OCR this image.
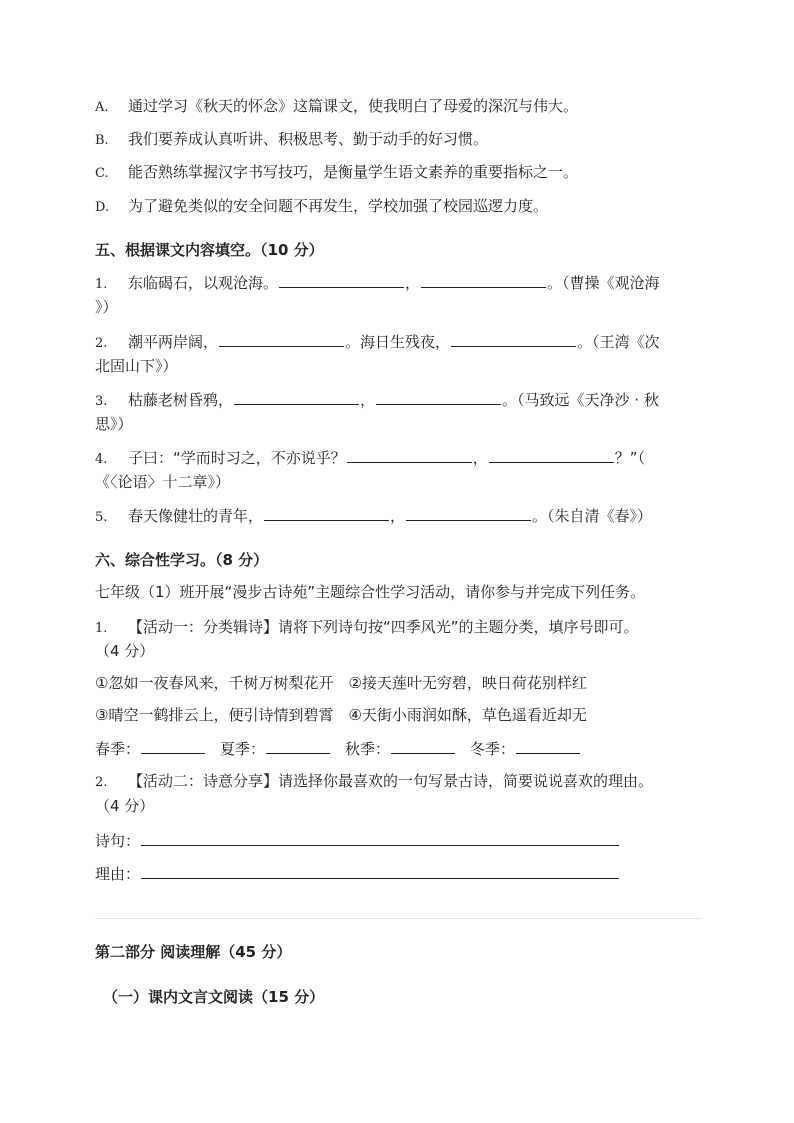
A. 通过学习《秋天的怀念》这篇课文，使我明白了母爱的深沉与伟大。
B. 我们要养成认真听讲、积极思考、勤于动手的好习惯。
C. 能否熟练掌握汉字书写技巧，是衡量学生语文素养的重要指标之一。
D. 为了避免类似的安全问题不再发生，学校加强了校园巡逻力度。
五、根据课文内容填空。（10 分）
1. 东临碣石，以观沧海。	，	。（曹操《观沧海
》）
2. 潮平两岸阔，	。海日生残夜，	。（王湾《次
北固山下》）
3. 枯藤老树昏鸦，	，	。（马致远《天净沙 · 秋
思》）
4. 子曰：“学而时习之，不亦说乎？	，	？”（
《〈论语〉十二章》）
5. 春天像健壮的青年，	，	。（朱自清《春》）
六、综合性学习。（8 分）
七年级（1）班开展“漫步古诗苑”主题综合性学习活动，请你参与并完成下列任务。
1. 【活动一：分类辑诗】请将下列诗句按“四季风光”的主题分类，填序号即可。
（4 分）
①忽如一夜春风来，千树万树梨花开　②接天莲叶无穷碧，映日荷花别样红
③晴空一鹤排云上，便引诗情到碧霄　④天街小雨润如酥，草色遥看近却无
春季：	夏季：	秋季：	冬季：
2. 【活动二：诗意分享】请选择你最喜欢的一句写景古诗，简要说说喜欢的理由。
（4 分）
诗句：
理由：
第二部分 阅读理解（45 分）
（一）课内文言文阅读（15 分）
